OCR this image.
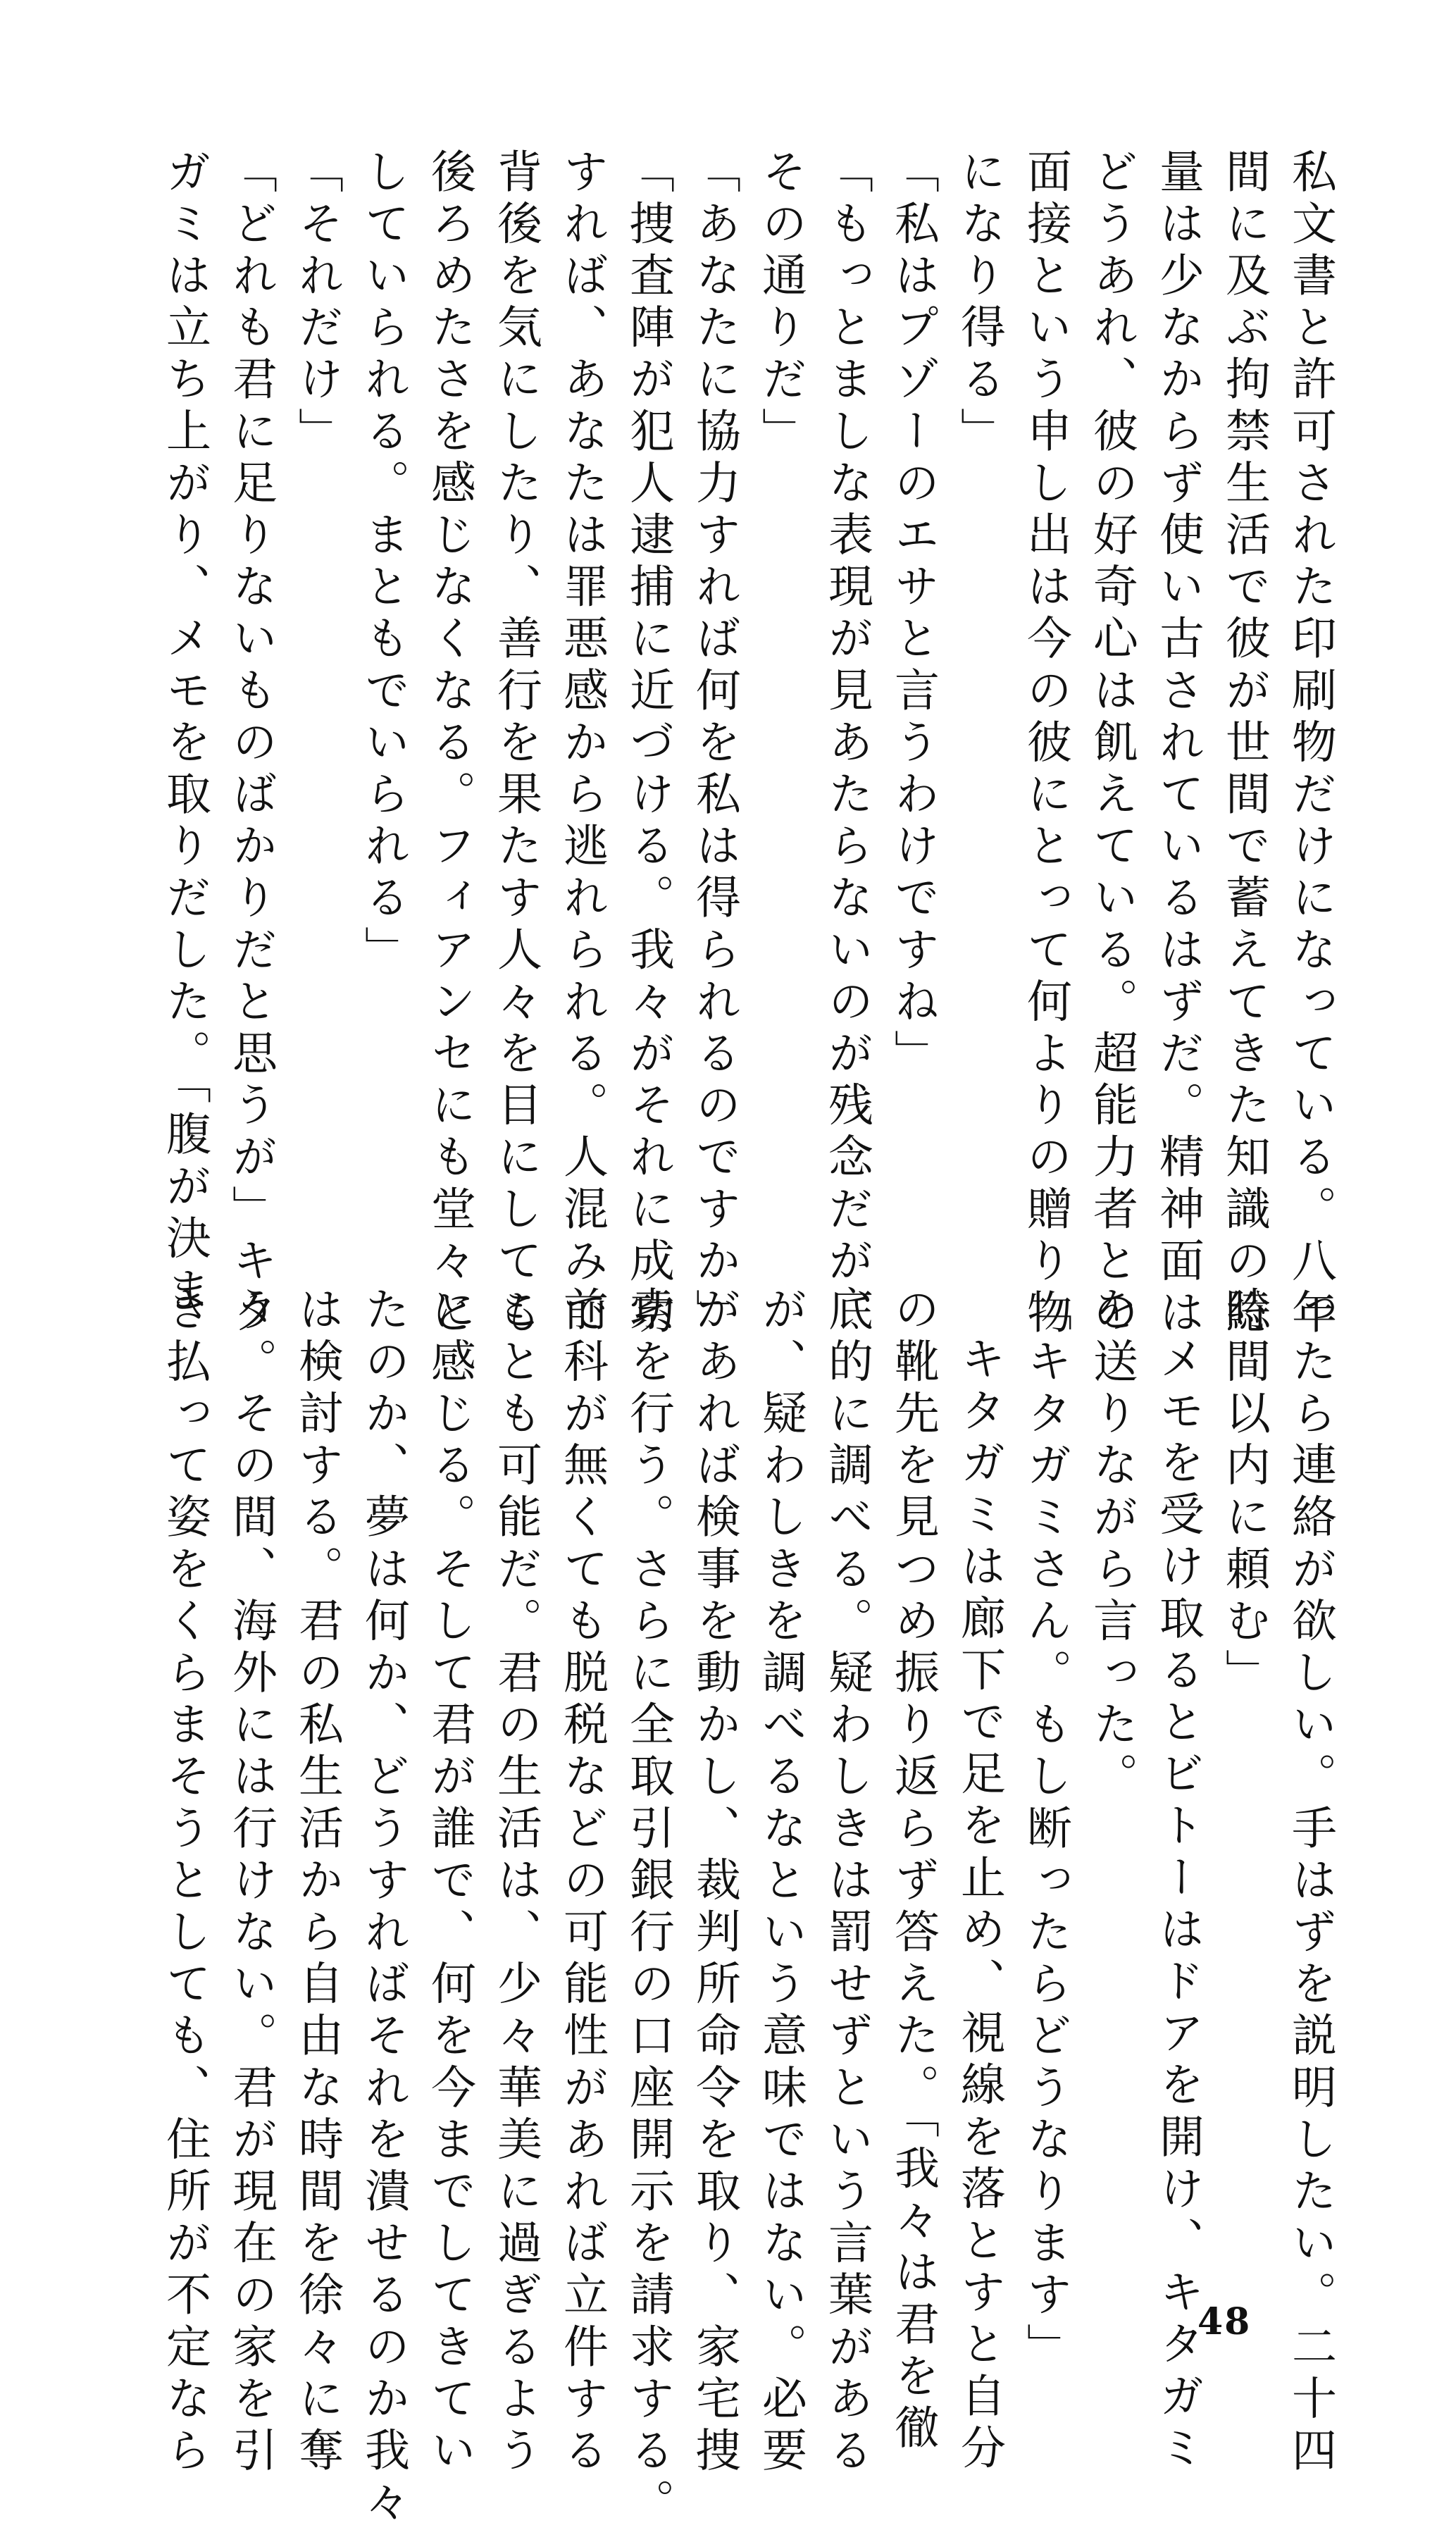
私文書と許可された印刷物だけになっている。八年
間に及ぶ拘禁生活で彼が世間で蓄えてきた知識の総
量は少なからず使い古されているはずだ。精神面は
どうあれ、彼の好奇心は飢えている。超能力者との
面接という申し出は今の彼にとって何よりの贈り物
になり得る」
「私はプゾーのエサと言うわけですね」
「もっとましな表現が見あたらないのが残念だが、
その通りだ」
「あなたに協力すれば何を私は得られるのですか」
「捜査陣が犯人逮捕に近づける。我々がそれに成功
すれば、あなたは罪悪感から逃れられる。人混みで
背後を気にしたり、善行を果たす人々を目にしても
後ろめたさを感じなくなる。フィアンセにも堂々と
していられる。まともでいられる」
「それだけ」
「どれも君に足りないものばかりだと思うが」キタ
ガミは立ち上がり、メモを取りだした。「腹が決ま
ったら連絡が欲しい。手はずを説明したい。二十四
時間以内に頼む」
メモを受け取るとビトーはドアを開け、キタガミ
を送りながら言った。
「キタガミさん。もし断ったらどうなります」
キタガミは廊下で足を止め、視線を落とすと自分
の靴先を見つめ振り返らず答えた。「我々は君を徹
底的に調べる。疑わしきは罰せずという言葉がある
が、疑わしきを調べるなという意味ではない。必要
があれば検事を動かし、裁判所命令を取り、家宅捜
索を行う。さらに全取引銀行の口座開示を請求する。
前科が無くても脱税などの可能性があれば立件する
ことも可能だ。君の生活は、少々華美に過ぎるよう
に感じる。そして君が誰で、何を今までしてきてい
たのか、夢は何か、どうすればそれを潰せるのか我々
は検討する。君の私生活から自由な時間を徐々に奪
う。その間、海外には行けない。君が現在の家を引
き払って姿をくらまそうとしても、住所が不定なら	48
